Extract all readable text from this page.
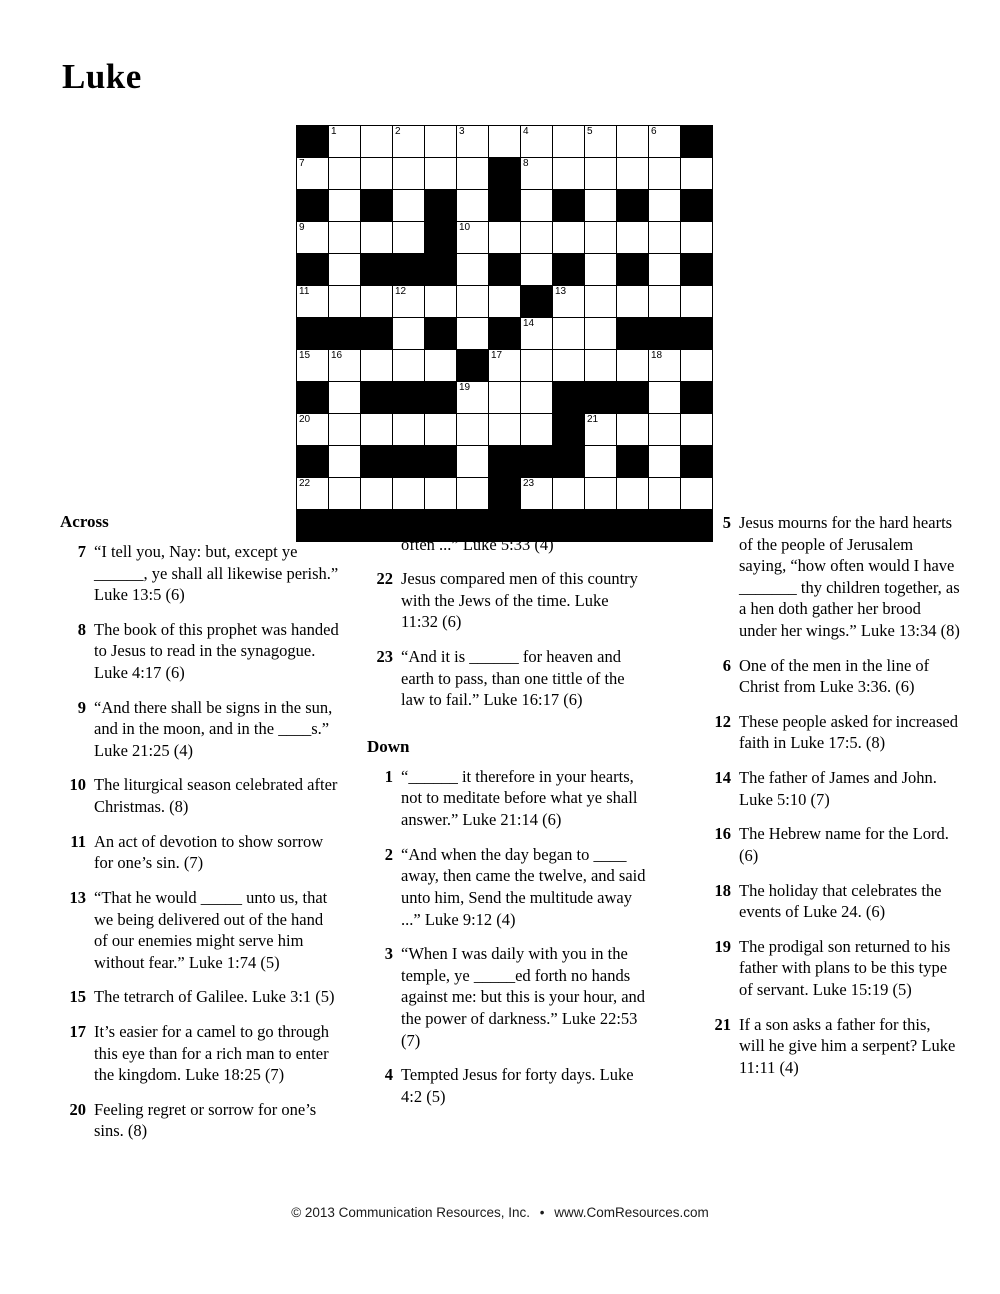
Luke

	1		2		3		4		5		6	

7							8					

9					10							

11			12					13				

							14					

15	16					17					18	

					19							

20									21			

22							23					

Across
7 “I tell you, Nay: but, except ye ______, ye shall all likewise perish.” Luke 13:5 (6)
8 The book of this prophet was handed to Jesus to read in the synagogue. Luke 4:17 (6)
9 “And there shall be signs in the sun, and in the moon, and in the ____s.” Luke 21:25 (4)
10 The liturgical season celebrated after Christmas. (8)
11 An act of devotion to show sorrow for one’s sin. (7)
13 “That he would _____ unto us, that we being delivered out of the hand of our enemies might serve him without fear.” Luke 1:74 (5)
15 The tetrarch of Galilee. Luke 3:1 (5)
17 It’s easier for a camel to go through this eye than for a rich man to enter the kingdom. Luke 18:25 (7)
20 Feeling regret or sorrow for one’s sins. (8)
21 “Why do the disciples of John ____ often ...” Luke 5:33 (4)
22 Jesus compared men of this country with the Jews of the time. Luke 11:32 (6)
23 “And it is ______ for heaven and earth to pass, than one tittle of the law to fail.” Luke 16:17 (6)
Down
1 “______ it therefore in your hearts, not to meditate before what ye shall answer.” Luke 21:14 (6)
2 “And when the day began to ____ away, then came the twelve, and said unto him, Send the multitude away ...” Luke 9:12 (4)
3 “When I was daily with you in the temple, ye _____ed forth no hands against me: but this is your hour, and the power of darkness.” Luke 22:53 (7)
4 Tempted Jesus for forty days. Luke 4:2 (5)
5 Jesus mourns for the hard hearts of the people of Jerusalem saying, “how often would I have _______ thy children together, as a hen doth gather her brood under her wings.” Luke 13:34 (8)
6 One of the men in the line of Christ from Luke 3:36. (6)
12 These people asked for increased faith in Luke 17:5. (8)
14 The father of James and John. Luke 5:10 (7)
16 The Hebrew name for the Lord. (6)
18 The holiday that celebrates the events of Luke 24. (6)
19 The prodigal son returned to his father with plans to be this type of servant. Luke 15:19 (5)
21 If a son asks a father for this, will he give him a serpent? Luke 11:11 (4)
© 2013 Communication Resources, Inc. • www.ComResources.com
